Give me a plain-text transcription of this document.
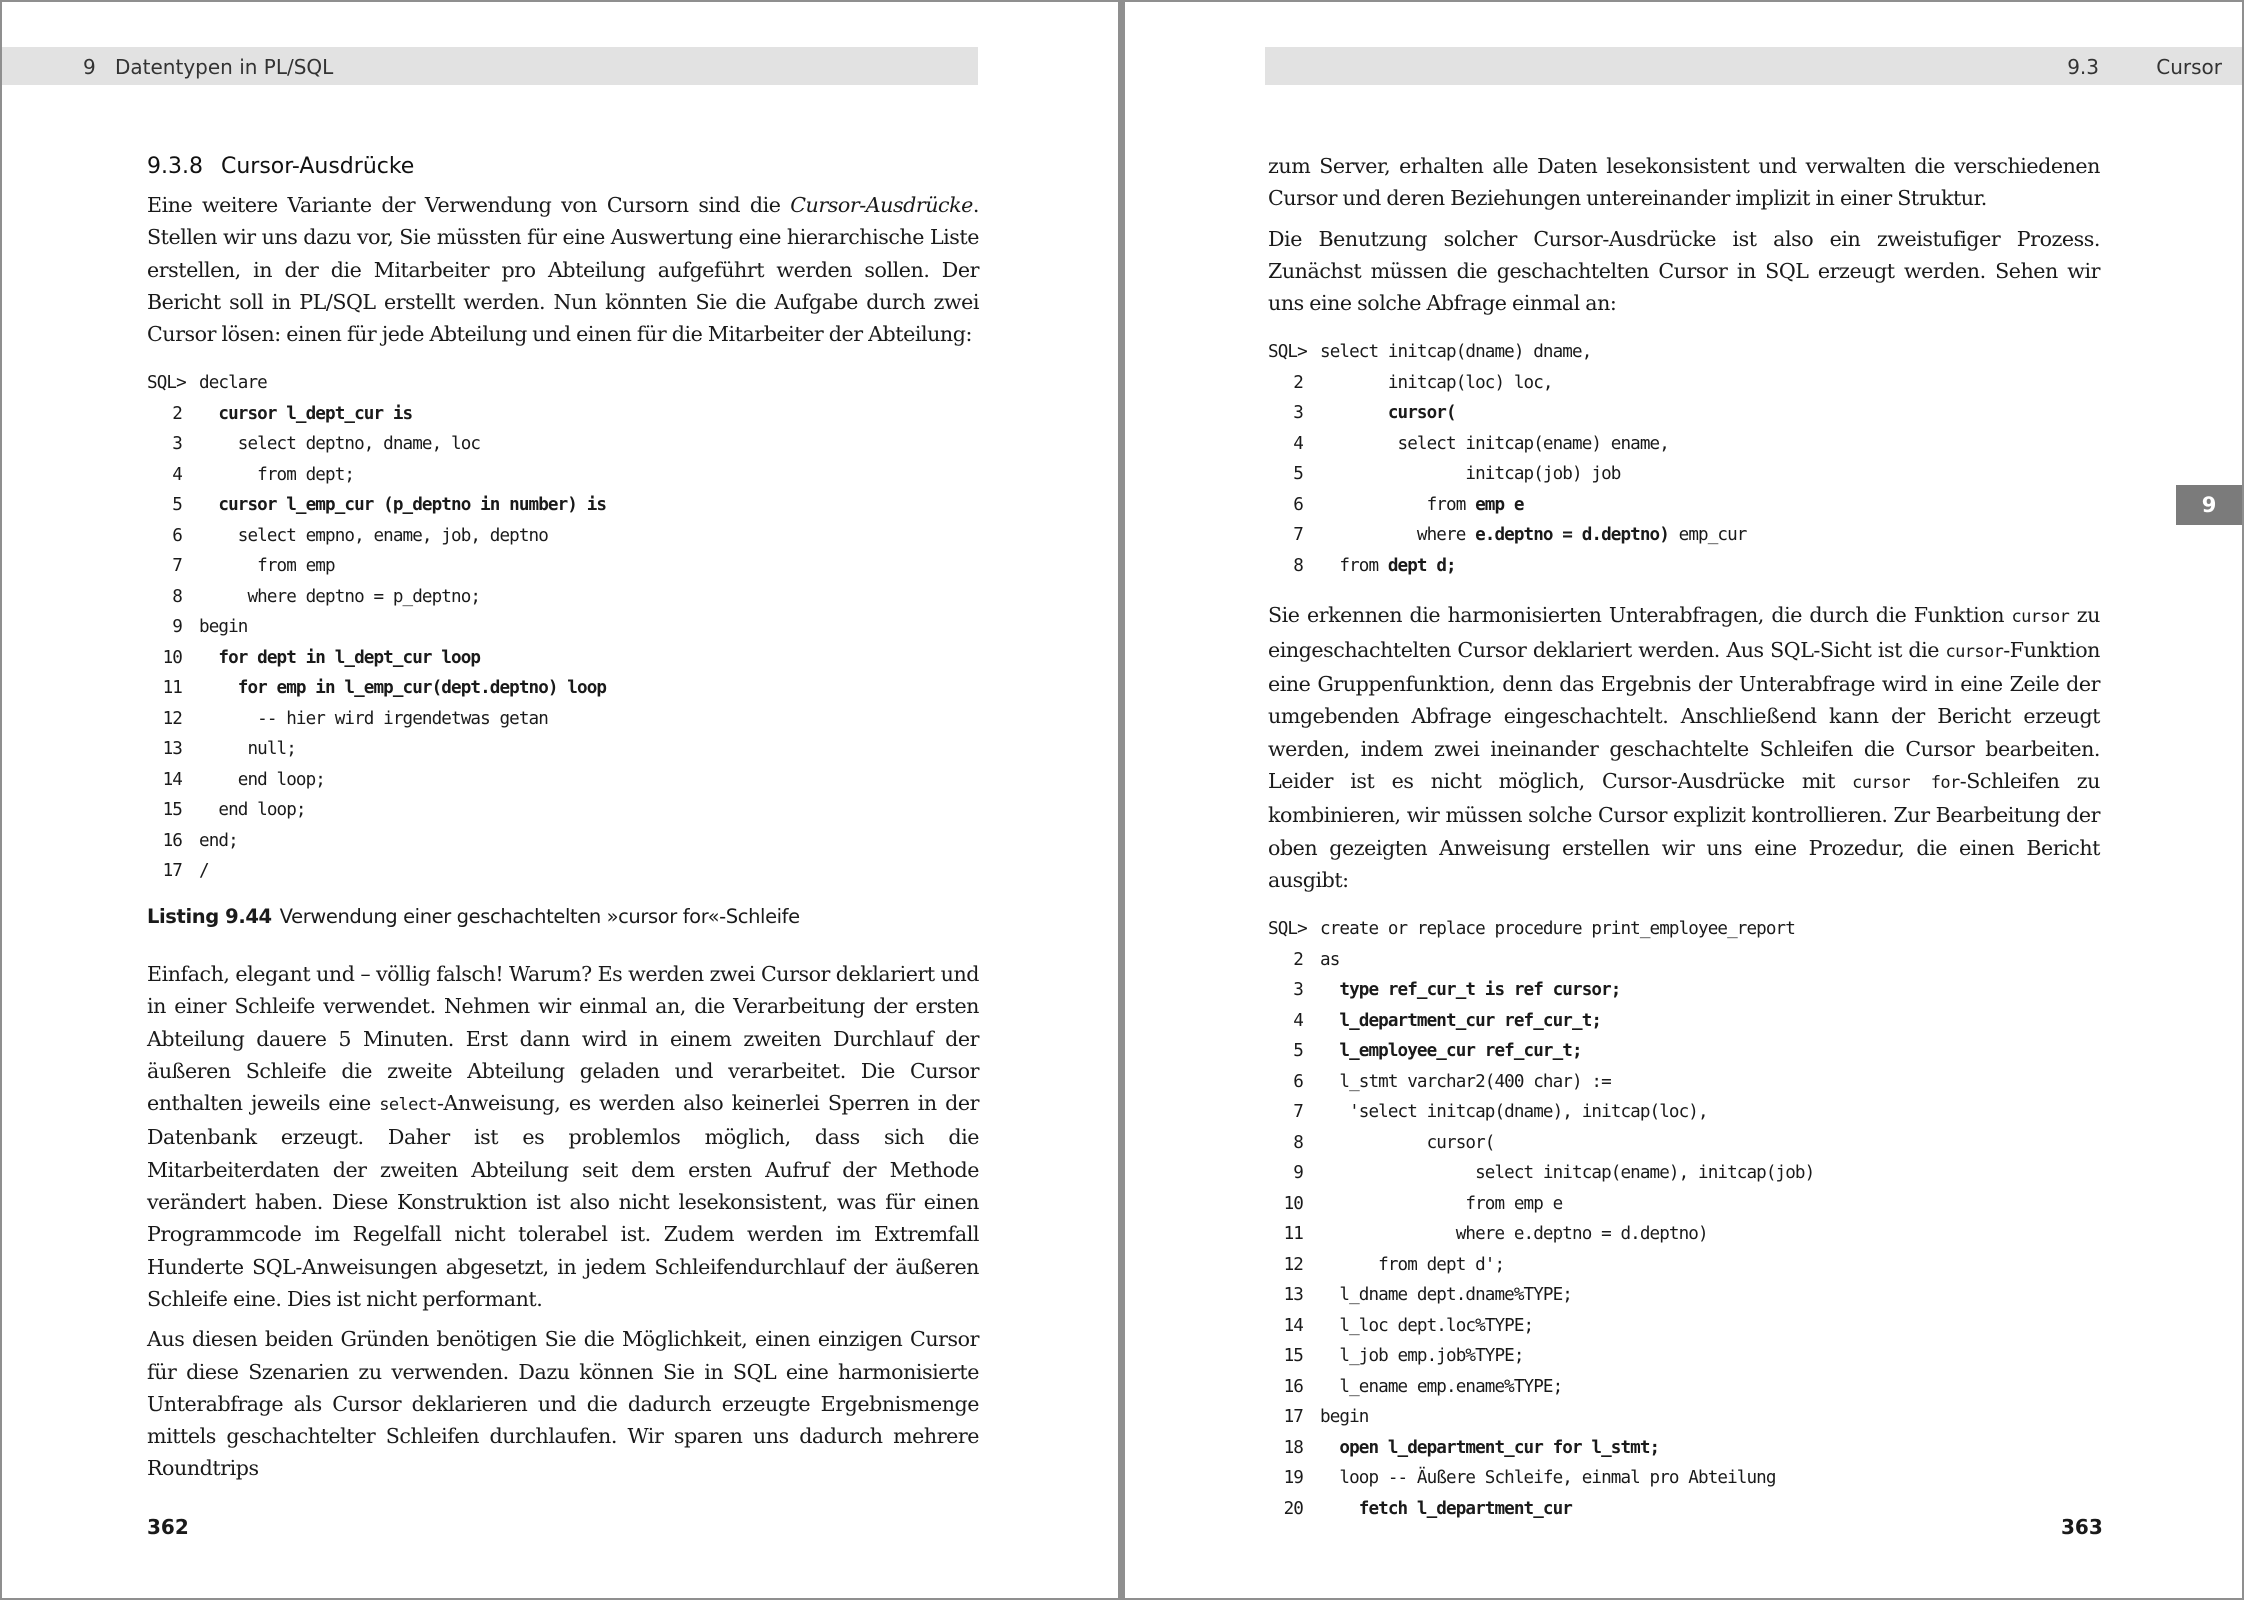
9 Datentypen in PL/SQL
9.3.8 Cursor-Ausdrücke

Eine weitere Variante der Verwendung von Cursorn sind die Cursor-Ausdrücke. Stellen wir uns dazu vor, Sie müssten für eine Auswertung eine hierarchische Liste erstellen, in der die Mitarbeiter pro Abteilung aufgeführt werden sollen. Der Bericht soll in PL/SQL erstellt werden. Nun könnten Sie die Aufgabe durch zwei Cursor lösen: einen für jede Abteilung und einen für die Mitarbeiter der Abteilung:

SQL> declare
2 cursor l_dept_cur is
3 select deptno, dname, loc
4 from dept;
5 cursor l_emp_cur (p_deptno in number) is
6 select empno, ename, job, deptno
7 from emp
8 where deptno = p_deptno;
9 begin
10 for dept in l_dept_cur loop
11 for emp in l_emp_cur(dept.deptno) loop
12 -- hier wird irgendetwas getan
13 null;
14 end loop;
15 end loop;
16 end;
17 /
Listing 9.44 Verwendung einer geschachtelten »cursor for«-Schleife

Einfach, elegant und – völlig falsch! Warum? Es werden zwei Cursor deklariert und in einer Schleife verwendet. Nehmen wir einmal an, die Verarbeitung der ersten Abteilung dauere 5 Minuten. Erst dann wird in einem zweiten Durchlauf der äußeren Schleife die zweite Abteilung geladen und verarbeitet. Die Cursor enthalten jeweils eine select-Anweisung, es werden also keinerlei Sperren in der Datenbank erzeugt. Daher ist es problemlos möglich, dass sich die Mitarbeiterdaten der zweiten Abteilung seit dem ersten Aufruf der Methode verändert haben. Diese Konstruktion ist also nicht lesekonsistent, was für einen Programmcode im Regelfall nicht tolerabel ist. Zudem werden im Extremfall Hunderte SQL-Anweisungen abgesetzt, in jedem Schleifendurchlauf der äußeren Schleife eine. Dies ist nicht performant.

Aus diesen beiden Gründen benötigen Sie die Möglichkeit, einen einzigen Cursor für diese Szenarien zu verwenden. Dazu können Sie in SQL eine harmonisierte Unterabfrage als Cursor deklarieren und die dadurch erzeugte Ergebnismenge mittels geschachtelter Schleifen durchlaufen. Wir sparen uns dadurch mehrere Roundtrips

362
9.3	Cursor

zum Server, erhalten alle Daten lesekonsistent und verwalten die verschiedenen Cursor und deren Beziehungen untereinander implizit in einer Struktur.

Die Benutzung solcher Cursor-Ausdrücke ist also ein zweistufiger Prozess. Zunächst müssen die geschachtelten Cursor in SQL erzeugt werden. Sehen wir uns eine solche Abfrage einmal an:

SQL> select initcap(dname) dname,
2 initcap(loc) loc,
3 cursor(
4 select initcap(ename) ename,
5 initcap(job) job
6 from emp e
7 where e.deptno = d.deptno) emp_cur
8 from dept d;

Sie erkennen die harmonisierten Unterabfragen, die durch die Funktion cursor zu eingeschachtelten Cursor deklariert werden. Aus SQL-Sicht ist die cursor-Funktion eine Gruppenfunktion, denn das Ergebnis der Unterabfrage wird in eine Zeile der umgebenden Abfrage eingeschachtelt. Anschließend kann der Bericht erzeugt werden, indem zwei ineinander geschachtelte Schleifen die Cursor bearbeiten. Leider ist es nicht möglich, Cursor-Ausdrücke mit cursor for-Schleifen zu kombinieren, wir müssen solche Cursor explizit kontrollieren. Zur Bearbeitung der oben gezeigten Anweisung erstellen wir uns eine Prozedur, die einen Bericht ausgibt:

SQL> create or replace procedure print_employee_report
2 as
3 type ref_cur_t is ref cursor;
4 l_department_cur ref_cur_t;
5 l_employee_cur ref_cur_t;
6 l_stmt varchar2(400 char) :=
7 'select initcap(dname), initcap(loc),
8 cursor(
9 select initcap(ename), initcap(job)
10 from emp e
11 where e.deptno = d.deptno)
12 from dept d';
13 l_dname dept.dname%TYPE;
14 l_loc dept.loc%TYPE;
15 l_job emp.job%TYPE;
16 l_ename emp.ename%TYPE;
17 begin
18 open l_department_cur for l_stmt;
19 loop -- Äußere Schleife, einmal pro Abteilung
20 fetch l_department_cur
363
9
